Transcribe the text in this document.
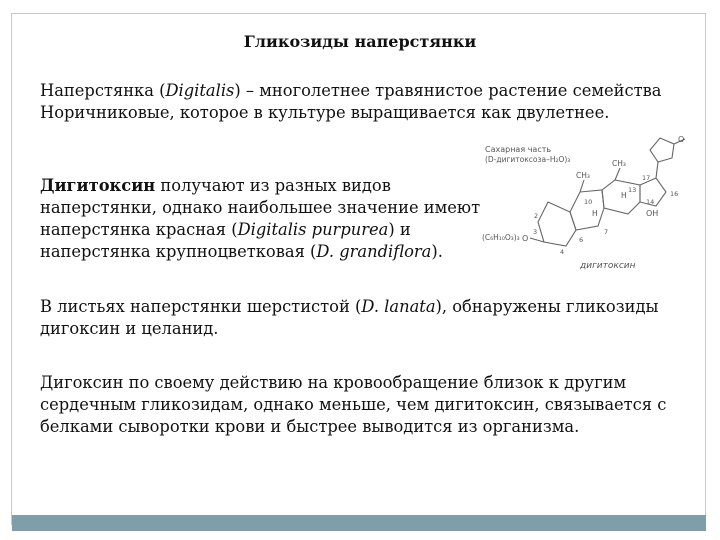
Гликозиды наперстянки

Наперстянка (Digitalis) – многолетнее травянистое растение семейства Норичниковые, которое в культуре выращивается как двулетнее.

Дигитоксин получают из разных видов наперстянки, однако наибольшее значение имеют наперстянка красная (Digitalis purpurea) и наперстянка крупноцветковая (D. grandiflora).

В листьях наперстянки шерстистой (D. lanata), обнаружены гликозиды дигоксин и целанид.

Дигоксин по своему действию на кровообращение близок к другим сердечным гликозидам, однако меньше, чем дигитоксин, связывается с белками сыворотки крови и быстрее выводится из организма.

Сахарная часть
(D-дигитоксоза–H₂O)₃
(C₆H₁₀O₃)₃ O
O
CH₃
CH₃
H
H	OH
17
16
14
13
10
2
3
4
6
7
дигитоксин
